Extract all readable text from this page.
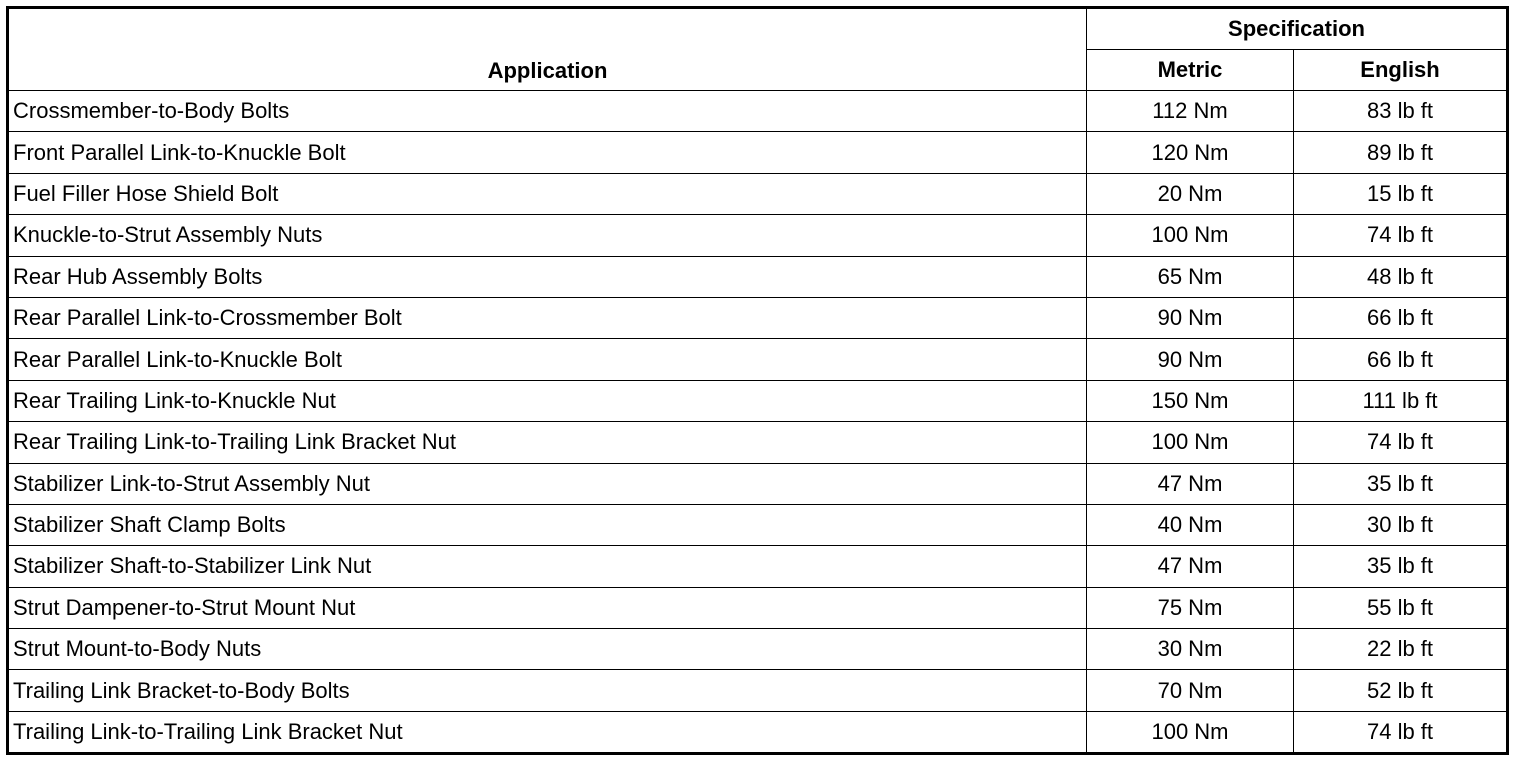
Application	Specification	
	Metric	English
Crossmember-to-Body Bolts	112 Nm	83 lb ft
Front Parallel Link-to-Knuckle Bolt	120 Nm	89 lb ft
Fuel Filler Hose Shield Bolt	20 Nm	15 lb ft
Knuckle-to-Strut Assembly Nuts	100 Nm	74 lb ft
Rear Hub Assembly Bolts	65 Nm	48 lb ft
Rear Parallel Link-to-Crossmember Bolt	90 Nm	66 lb ft
Rear Parallel Link-to-Knuckle Bolt	90 Nm	66 lb ft
Rear Trailing Link-to-Knuckle Nut	150 Nm	111 lb ft
Rear Trailing Link-to-Trailing Link Bracket Nut	100 Nm	74 lb ft
Stabilizer Link-to-Strut Assembly Nut	47 Nm	35 lb ft
Stabilizer Shaft Clamp Bolts	40 Nm	30 lb ft
Stabilizer Shaft-to-Stabilizer Link Nut	47 Nm	35 lb ft
Strut Dampener-to-Strut Mount Nut	75 Nm	55 lb ft
Strut Mount-to-Body Nuts	30 Nm	22 lb ft
Trailing Link Bracket-to-Body Bolts	70 Nm	52 lb ft
Trailing Link-to-Trailing Link Bracket Nut	100 Nm	74 lb ft
